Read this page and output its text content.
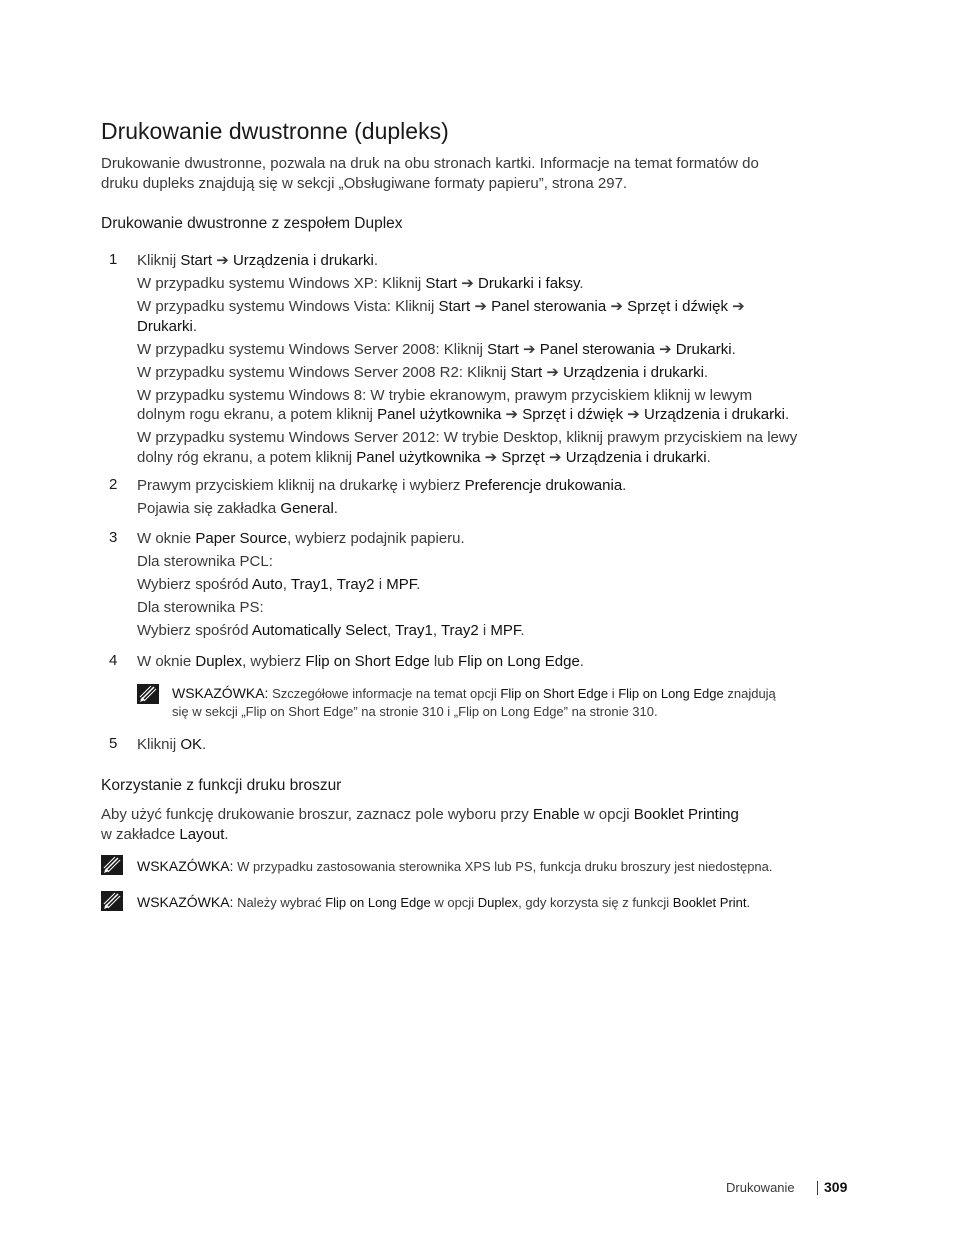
Drukowanie dwustronne (dupleks)
Drukowanie dwustronne, pozwala na druk na obu stronach kartki. Informacje na temat formatów do
druku dupleks znajdują się w sekcji „Obsługiwane formaty papieru”, strona 297.
Drukowanie dwustronne z zespołem Duplex
1 Kliknij Start ➔ Urządzenia i drukarki.
W przypadku systemu Windows XP: Kliknij Start ➔ Drukarki i faksy.
W przypadku systemu Windows Vista: Kliknij Start ➔ Panel sterowania ➔ Sprzęt i dźwięk ➔
Drukarki.
W przypadku systemu Windows Server 2008: Kliknij Start ➔ Panel sterowania ➔ Drukarki.
W przypadku systemu Windows Server 2008 R2: Kliknij Start ➔ Urządzenia i drukarki.
W przypadku systemu Windows 8: W trybie ekranowym, prawym przyciskiem kliknij w lewym
dolnym rogu ekranu, a potem kliknij Panel użytkownika ➔ Sprzęt i dźwięk ➔ Urządzenia i drukarki.
W przypadku systemu Windows Server 2012: W trybie Desktop, kliknij prawym przyciskiem na lewy
dolny róg ekranu, a potem kliknij Panel użytkownika ➔ Sprzęt ➔ Urządzenia i drukarki.
2 Prawym przyciskiem kliknij na drukarkę i wybierz Preferencje drukowania.
Pojawia się zakładka General.
3 W oknie Paper Source, wybierz podajnik papieru.
Dla sterownika PCL:
Wybierz spośród Auto, Tray1, Tray2 i MPF.
Dla sterownika PS:
Wybierz spośród Automatically Select, Tray1, Tray2 i MPF.
4 W oknie Duplex, wybierz Flip on Short Edge lub Flip on Long Edge.
WSKAZÓWKA: Szczegółowe informacje na temat opcji Flip on Short Edge i Flip on Long Edge znajdują
się w sekcji „Flip on Short Edge” na stronie 310 i „Flip on Long Edge” na stronie 310.
5 Kliknij OK.
Korzystanie z funkcji druku broszur
Aby użyć funkcję drukowanie broszur, zaznacz pole wyboru przy Enable w opcji Booklet Printing
w zakładce Layout.
WSKAZÓWKA: W przypadku zastosowania sterownika XPS lub PS, funkcja druku broszury jest niedostępna.
WSKAZÓWKA: Należy wybrać Flip on Long Edge w opcji Duplex, gdy korzysta się z funkcji Booklet Print.
Drukowanie 309
